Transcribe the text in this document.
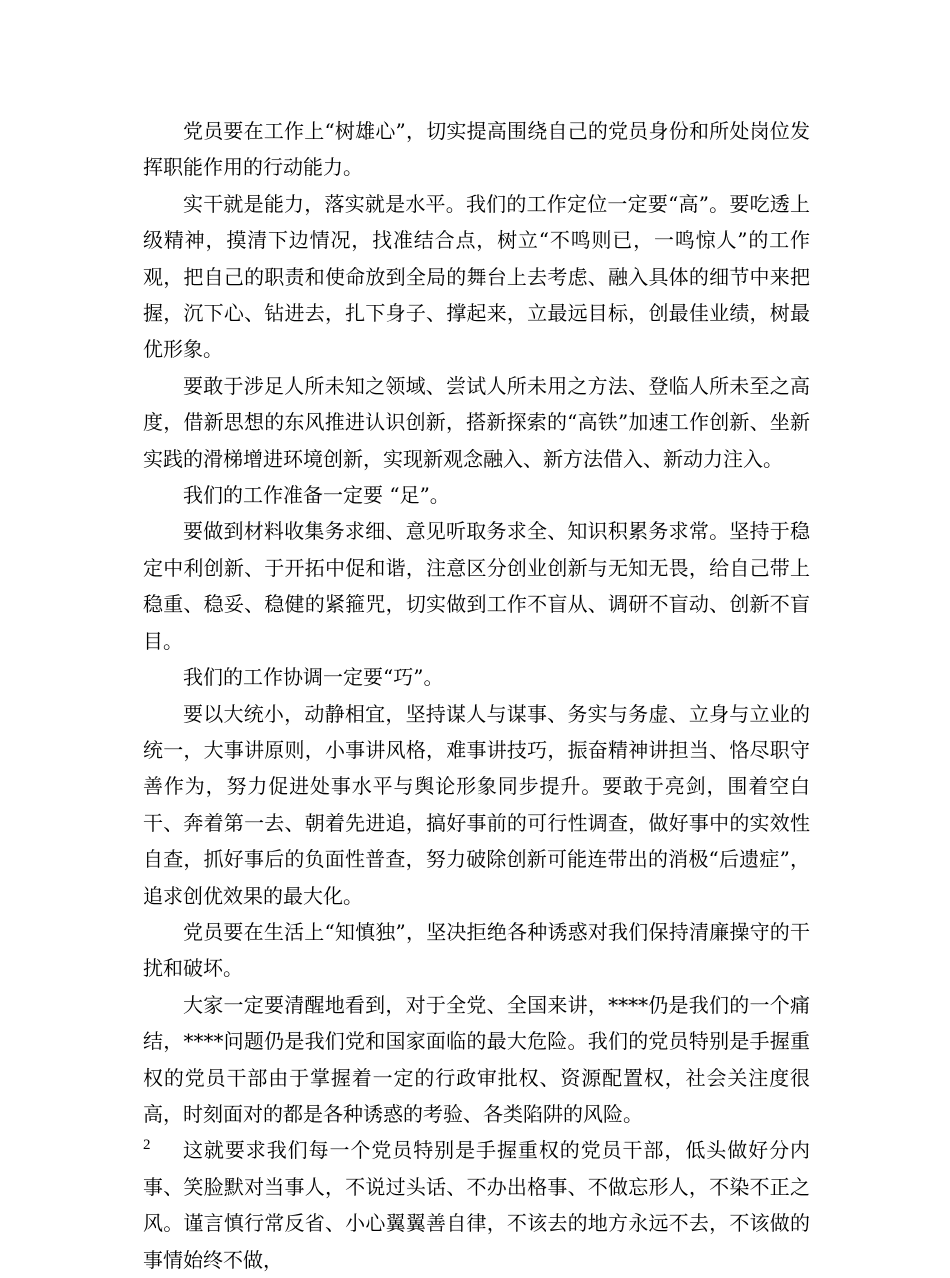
党员要在工作上“树雄心”，切实提高围绕自己的党员身份和所处岗位发挥职能作用的行动能力。

实干就是能力，落实就是水平。我们的工作定位一定要“高”。要吃透上级精神，摸清下边情况，找准结合点，树立“不鸣则已，一鸣惊人”的工作观，把自己的职责和使命放到全局的舞台上去考虑、融入具体的细节中来把握，沉下心、钻进去，扎下身子、撑起来，立最远目标，创最佳业绩，树最优形象。

要敢于涉足人所未知之领域、尝试人所未用之方法、登临人所未至之高度，借新思想的东风推进认识创新，搭新探索的“高铁”加速工作创新、坐新实践的滑梯增进环境创新，实现新观念融入、新方法借入、新动力注入。

我们的工作准备一定要 “足”。

要做到材料收集务求细、意见听取务求全、知识积累务求常。坚持于稳定中利创新、于开拓中促和谐，注意区分创业创新与无知无畏，给自己带上稳重、稳妥、稳健的紧箍咒，切实做到工作不盲从、调研不盲动、创新不盲目。

我们的工作协调一定要“巧”。

要以大统小，动静相宜，坚持谋人与谋事、务实与务虚、立身与立业的统一，大事讲原则，小事讲风格，难事讲技巧，振奋精神讲担当、恪尽职守善作为，努力促进处事水平与舆论形象同步提升。要敢于亮剑，围着空白干、奔着第一去、朝着先进追，搞好事前的可行性调查，做好事中的实效性自查，抓好事后的负面性普查，努力破除创新可能连带出的消极“后遗症”，追求创优效果的最大化。

党员要在生活上“知慎独”，坚决拒绝各种诱惑对我们保持清廉操守的干扰和破坏。

大家一定要清醒地看到，对于全党、全国来讲，****仍是我们的一个痛结，****问题仍是我们党和国家面临的最大危险。我们的党员特别是手握重权的党员干部由于掌握着一定的行政审批权、资源配置权，社会关注度很高，时刻面对的都是各种诱惑的考验、各类陷阱的风险。

这就要求我们每一个党员特别是手握重权的党员干部，低头做好分内事、笑脸默对当事人，不说过头话、不办出格事、不做忘形人，不染不正之风。谨言慎行常反省、小心翼翼善自律，不该去的地方永远不去，不该做的事情始终不做，

2
